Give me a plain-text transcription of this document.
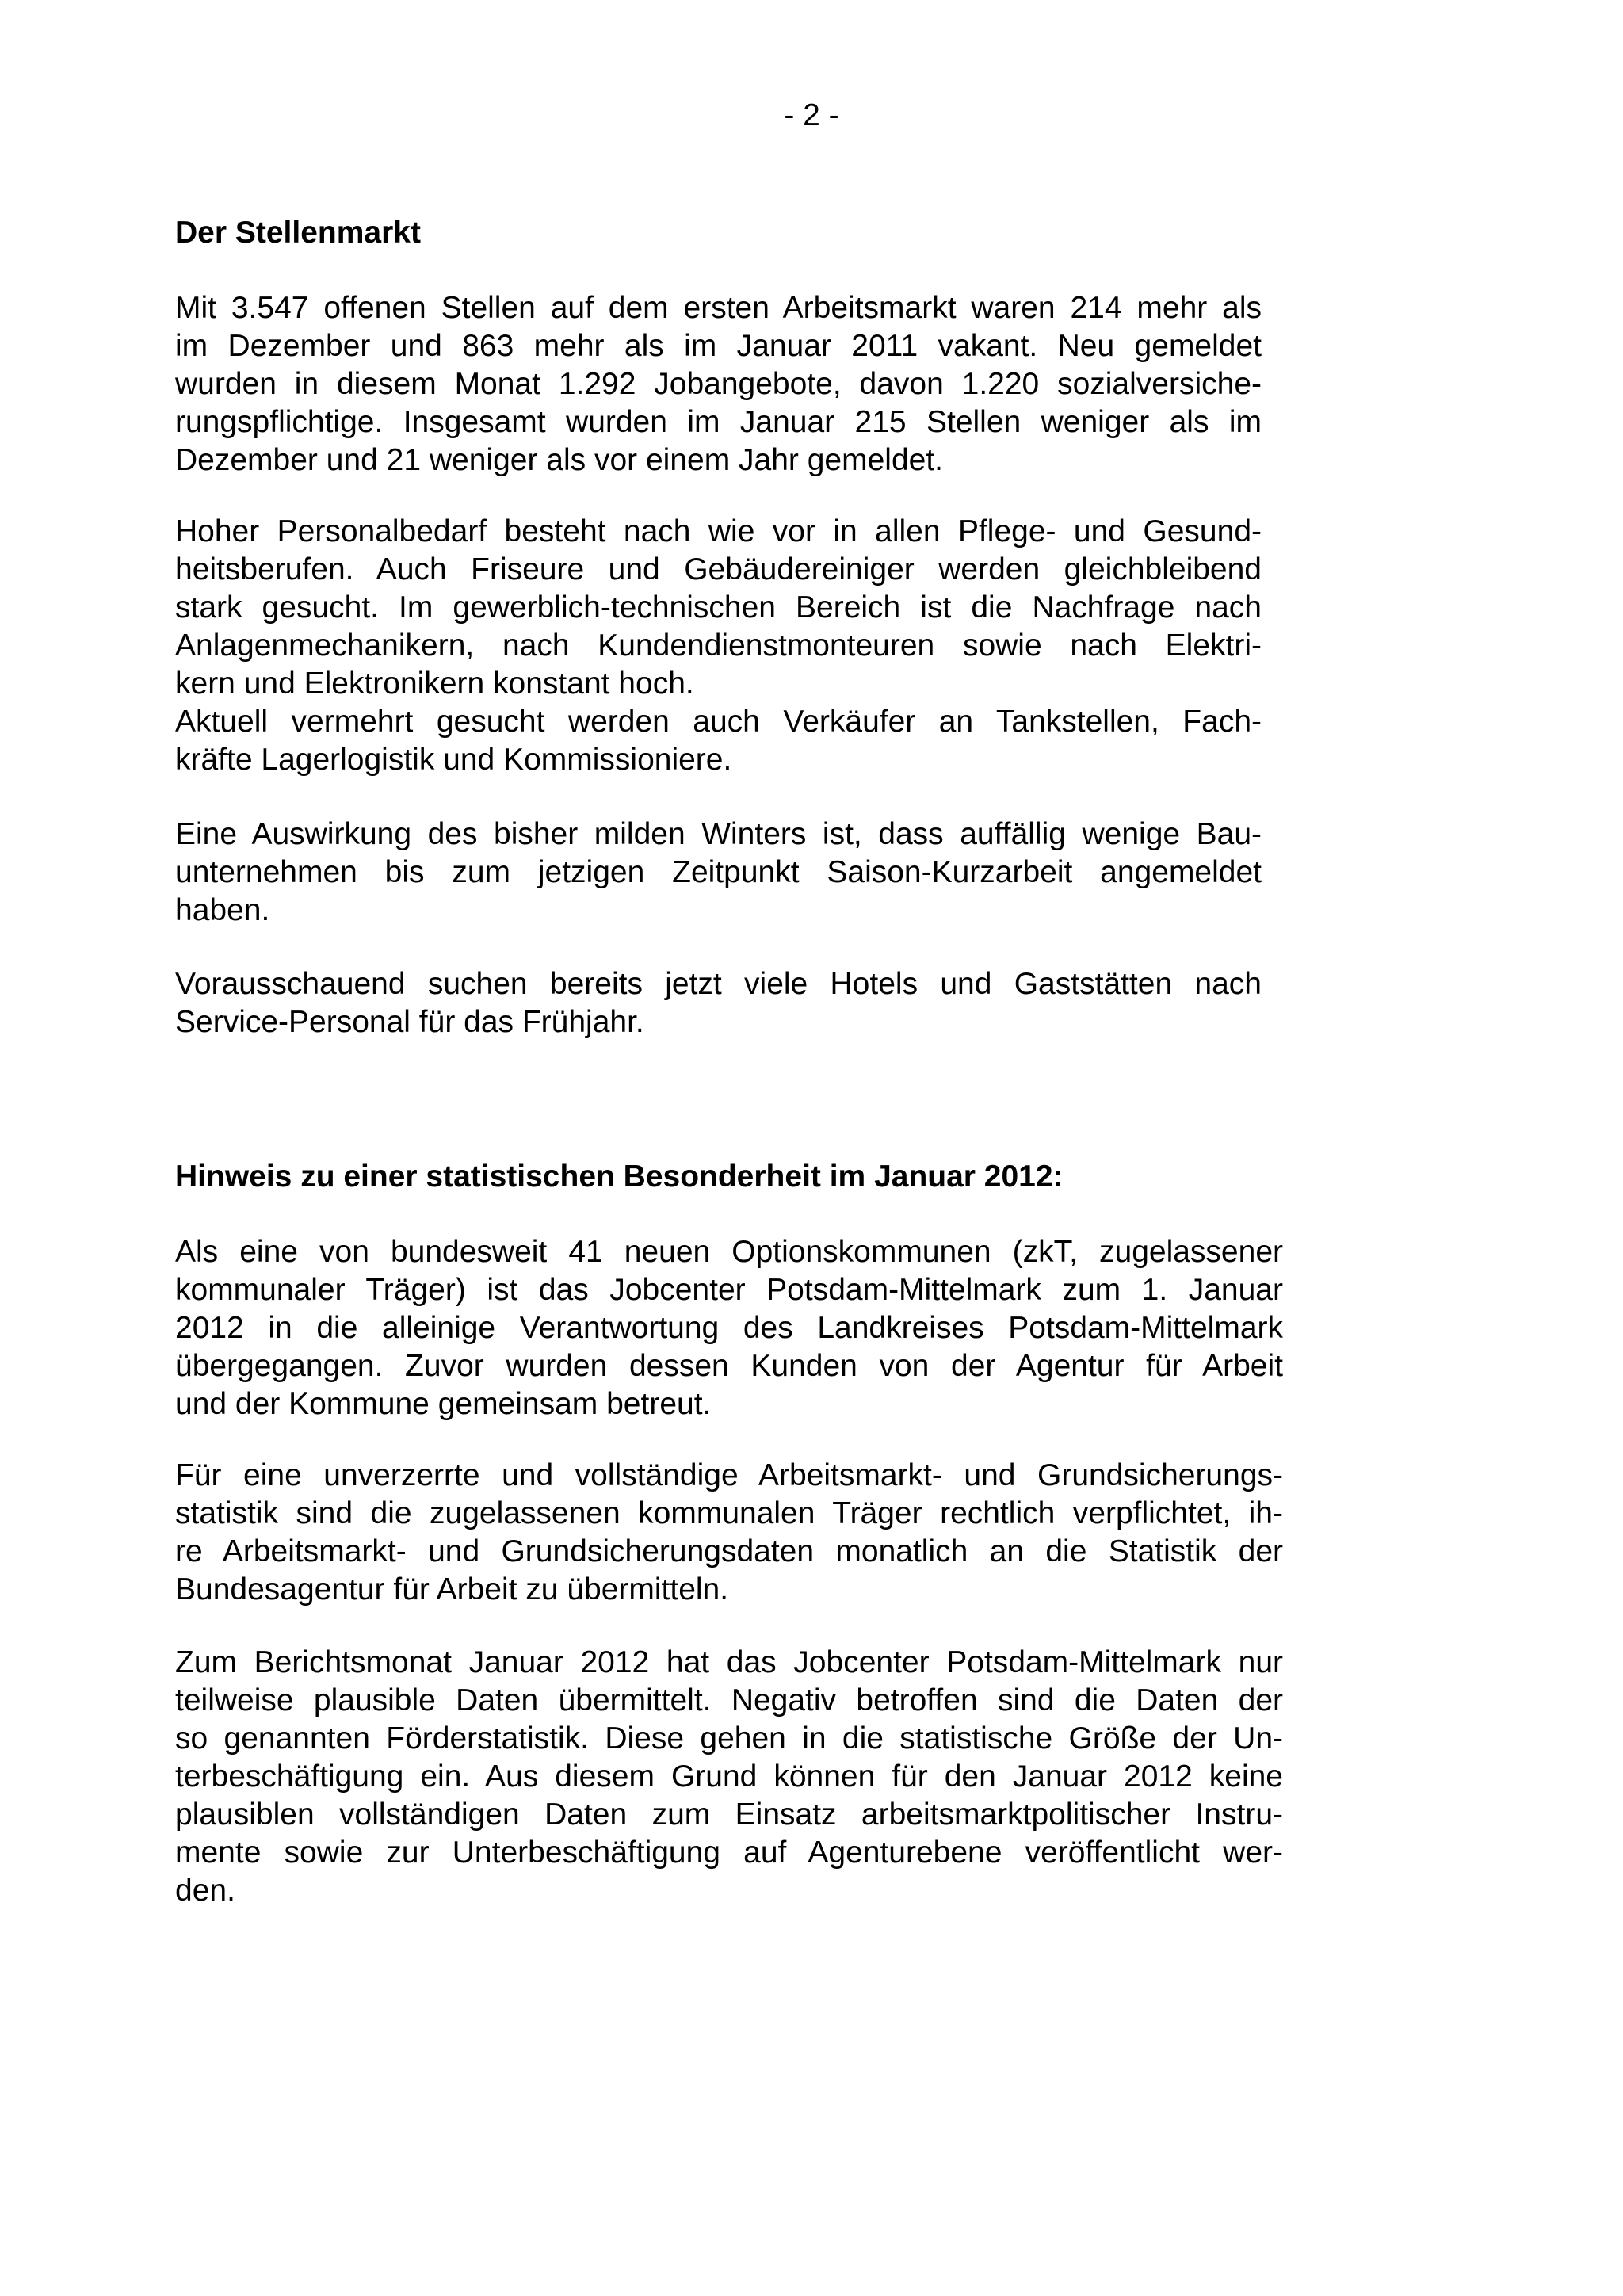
- 2 -
Der Stellenmarkt

Mit 3.547 offenen Stellen auf dem ersten Arbeitsmarkt waren 214 mehr als
im Dezember und 863 mehr als im Januar 2011 vakant. Neu gemeldet
wurden in diesem Monat 1.292 Jobangebote, davon 1.220 sozialversiche-
rungspflichtige. Insgesamt wurden im Januar 215 Stellen weniger als im
Dezember und 21 weniger als vor einem Jahr gemeldet.

Hoher Personalbedarf besteht nach wie vor in allen Pflege- und Gesund-
heitsberufen. Auch Friseure und Gebäudereiniger werden gleichbleibend
stark gesucht. Im gewerblich-technischen Bereich ist die Nachfrage nach
Anlagenmechanikern, nach Kundendienstmonteuren sowie nach Elektri-
kern und Elektronikern konstant hoch.

Aktuell vermehrt gesucht werden auch Verkäufer an Tankstellen, Fach-
kräfte Lagerlogistik und Kommissioniere.

Eine Auswirkung des bisher milden Winters ist, dass auffällig wenige Bau-
unternehmen bis zum jetzigen Zeitpunkt Saison-Kurzarbeit angemeldet
haben.

Vorausschauend suchen bereits jetzt viele Hotels und Gaststätten nach
Service-Personal für das Frühjahr.

Hinweis zu einer statistischen Besonderheit im Januar 2012:

Als eine von bundesweit 41 neuen Optionskommunen (zkT, zugelassener
kommunaler Träger) ist das Jobcenter Potsdam-Mittelmark zum 1. Januar
2012 in die alleinige Verantwortung des Landkreises Potsdam-Mittelmark
übergegangen. Zuvor wurden dessen Kunden von der Agentur für Arbeit
und der Kommune gemeinsam betreut.

Für eine unverzerrte und vollständige Arbeitsmarkt- und Grundsicherungs-
statistik sind die zugelassenen kommunalen Träger rechtlich verpflichtet, ih-
re Arbeitsmarkt- und Grundsicherungsdaten monatlich an die Statistik der
Bundesagentur für Arbeit zu übermitteln.

Zum Berichtsmonat Januar 2012 hat das Jobcenter Potsdam-Mittelmark nur
teilweise plausible Daten übermittelt. Negativ betroffen sind die Daten der
so genannten Förderstatistik. Diese gehen in die statistische Größe der Un-
terbeschäftigung ein. Aus diesem Grund können für den Januar 2012 keine
plausiblen vollständigen Daten zum Einsatz arbeitsmarktpolitischer Instru-
mente sowie zur Unterbeschäftigung auf Agenturebene veröffentlicht wer-
den.
